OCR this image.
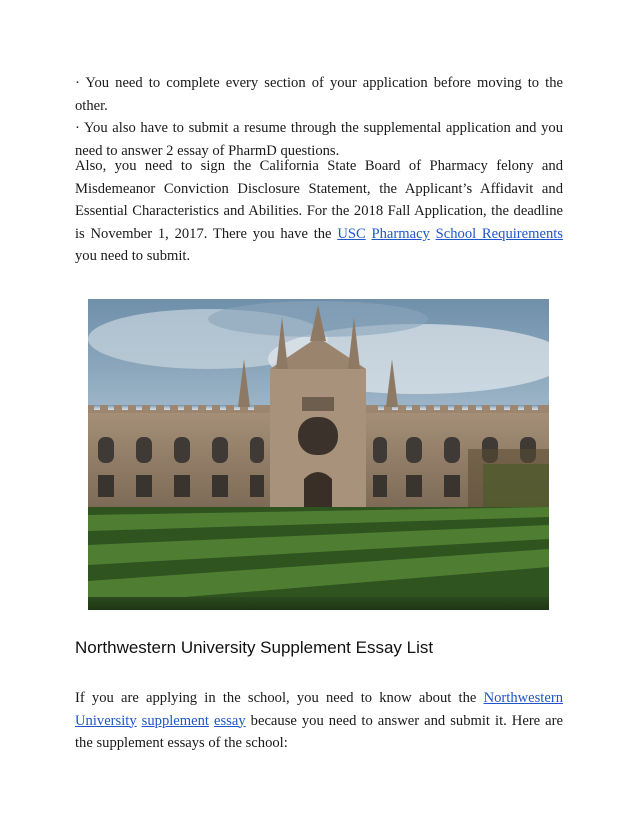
· You need to complete every section of your application before moving to the other.

· You also have to submit a resume through the supplemental application and you need to answer 2 essay of PharmD questions.

Also, you need to sign the California State Board of Pharmacy felony and Misdemeanor Conviction Disclosure Statement, the Applicant’s Affidavit and Essential Characteristics and Abilities. For the 2018 Fall Application, the deadline is November 1, 2017. There you have the USC Pharmacy School Requirements you need to submit.

Northwestern University Supplement Essay List

If you are applying in the school, you need to know about the Northwestern University supplement essay because you need to answer and submit it. Here are the supplement essays of the school:
